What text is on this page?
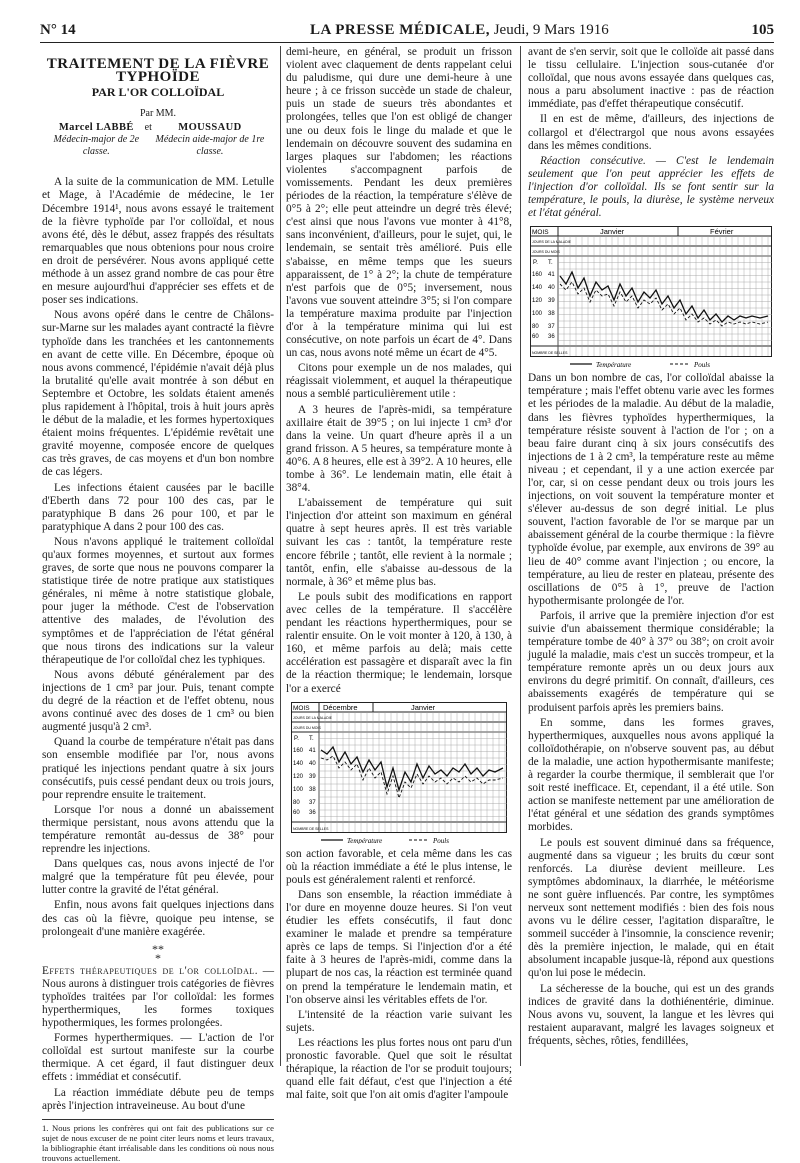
N° 14	LA PRESSE MÉDICALE, Jeudi, 9 Mars 1916	105
TRAITEMENT DE LA FIÈVRE TYPHOÏDE
PAR L'OR COLLOÏDAL
Par MM.
Marcel LABBÉ
Médecin-major de 2e classe.
et	MOUSSAUD
Médecin aide-major de 1re classe.

A la suite de la communication de MM. Letulle et Mage, à l'Académie de médecine, le 1er Décembre 1914¹, nous avons essayé le traitement de la fièvre typhoïde par l'or colloïdal, et nous avons été, dès le début, assez frappés des résultats remarquables que nous obtenions pour nous croire en droit de persévérer. Nous avons appliqué cette méthode à un assez grand nombre de cas pour être en mesure aujourd'hui d'apprécier ses effets et de poser ses indications.

Nous avons opéré dans le centre de Châlons-sur-Marne sur les malades ayant contracté la fièvre typhoïde dans les tranchées et les cantonnements en avant de cette ville. En Décembre, époque où nous avons commencé, l'épidémie n'avait déjà plus la brutalité qu'elle avait montrée à son début en Septembre et Octobre, les soldats étaient amenés plus rapidement à l'hôpital, trois à huit jours après le début de la maladie, et les formes hypertoxiques étaient moins fréquentes. L'épidémie revêtait une gravité moyenne, composée encore de quelques cas très graves, de cas moyens et d'un bon nombre de cas légers.

Les infections étaient causées par le bacille d'Eberth dans 72 pour 100 des cas, par le paratyphique B dans 26 pour 100, et par le paratyphique A dans 2 pour 100 des cas.

Nous n'avons appliqué le traitement colloïdal qu'aux formes moyennes, et surtout aux formes graves, de sorte que nous ne pouvons comparer la statistique tirée de notre pratique aux statistiques générales, ni même à notre statistique globale, pour juger la méthode. C'est de l'observation attentive des malades, de l'évolution des symptômes et de l'appréciation de l'état général que nous tirons des indications sur la valeur thérapeutique de l'or colloïdal chez les typhiques.

Nous avons débuté généralement par des injections de 1 cm³ par jour. Puis, tenant compte du degré de la réaction et de l'effet obtenu, nous avons continué avec des doses de 1 cm³ ou bien augmenté jusqu'à 2 cm³.

Quand la courbe de température n'était pas dans son ensemble modifiée par l'or, nous avons pratiqué les injections pendant quatre à six jours consécutifs, puis cessé pendant deux ou trois jours, pour reprendre ensuite le traitement.

Lorsque l'or nous a donné un abaissement thermique persistant, nous avons attendu que la température remontât au-dessus de 38° pour reprendre les injections.

Dans quelques cas, nous avons injecté de l'or malgré que la température fût peu élevée, pour lutter contre la gravité de l'état général.

Enfin, nous avons fait quelques injections dans des cas où la fièvre, quoique peu intense, se prolongeait d'une manière exagérée.

**
*

Effets thérapeutiques de l'or colloïdal. — Nous aurons à distinguer trois catégories de fièvres typhoïdes traitées par l'or colloïdal: les formes hyperthermiques, les formes toxiques hypothermiques, les formes prolongées.

Formes hyperthermiques. — L'action de l'or colloïdal est surtout manifeste sur la courbe thermique. A cet égard, il faut distinguer deux effets : immédiat et consécutif.

La réaction immédiate débute peu de temps après l'injection intraveineuse. Au bout d'une

1. Nous prions les confrères qui ont fait des publications sur ce sujet de nous excuser de ne point citer leurs noms et leurs travaux, la bibliographie étant irréalisable dans les conditions où nous nous trouvons actuellement.

demi-heure, en général, se produit un frisson violent avec claquement de dents rappelant celui du paludisme, qui dure une demi-heure à une heure ; à ce frisson succède un stade de chaleur, puis un stade de sueurs très abondantes et prolongées, telles que l'on est obligé de changer une ou deux fois le linge du malade et que le lendemain on découvre souvent des sudamina en larges plaques sur l'abdomen; les réactions violentes s'accompagnent parfois de vomissements. Pendant les deux premières périodes de la réaction, la température s'élève de 0°5 à 2°; elle peut atteindre un degré très élevé; c'est ainsi que nous l'avons vue monter à 41°8, sans inconvénient, d'ailleurs, pour le sujet, qui, le lendemain, se sentait très amélioré. Puis elle s'abaisse, en même temps que les sueurs apparaissent, de 1° à 2°; la chute de température n'est parfois que de 0°5; inversement, nous l'avons vue souvent atteindre 3°5; si l'on compare la température maxima produite par l'injection d'or à la température minima qui lui est consécutive, on note parfois un écart de 4°. Dans un cas, nous avons noté même un écart de 4°5.

Citons pour exemple un de nos malades, qui réagissait violemment, et auquel la thérapeutique nous a semblé particulièrement utile :

A 3 heures de l'après-midi, sa température axillaire était de 39°5 ; on lui injecte 1 cm³ d'or dans la veine. Un quart d'heure après il a un grand frisson. A 5 heures, sa température monte à 40°6. A 8 heures, elle est à 39°2. A 10 heures, elle tombe à 36°. Le lendemain matin, elle était à 38°4.

L'abaissement de température qui suit l'injection d'or atteint son maximum en général quatre à sept heures après. Il est très variable suivant les cas : tantôt, la température reste encore fébrile ; tantôt, elle revient à la normale ; tantôt, enfin, elle s'abaisse au-dessous de la normale, à 36° et même plus bas.

Le pouls subit des modifications en rapport avec celles de la température. Il s'accélère pendant les réactions hyperthermiques, pour se ralentir ensuite. On le voit monter à 120, à 130, à 160, et même parfois au delà; mais cette accélération est passagère et disparaît avec la fin de la réaction thermique; le lendemain, lorsque l'or a exercé

MOIS Décembre	Janvier
JOURS DE LA MALADIE
JOURS DU MOIS
NOMBRE DE SELLES
P. T.
160
140
120
100
80
60
41
40
39
38
37
36
Température	Pouls

son action favorable, et cela même dans les cas où la réaction immédiate a été le plus intense, le pouls est généralement ralenti et renforcé.

Dans son ensemble, la réaction immédiate à l'or dure en moyenne douze heures. Si l'on veut étudier les effets consécutifs, il faut donc examiner le malade et prendre sa température après ce laps de temps. Si l'injection d'or a été faite à 3 heures de l'après-midi, comme dans la plupart de nos cas, la réaction est terminée quand on prend la température le lendemain matin, et l'on observe ainsi les véritables effets de l'or.

L'intensité de la réaction varie suivant les sujets.

Les réactions les plus fortes nous ont paru d'un pronostic favorable. Quel que soit le résultat thérapique, la réaction de l'or se produit toujours; quand elle fait défaut, c'est que l'injection a été mal faite, soit que l'on ait omis d'agiter l'ampoule

avant de s'en servir, soit que le colloïde ait passé dans le tissu cellulaire. L'injection sous-cutanée d'or colloïdal, que nous avons essayée dans quelques cas, nous a paru absolument inactive : pas de réaction immédiate, pas d'effet thérapeutique consécutif.

Il en est de même, d'ailleurs, des injections de collargol et d'électrargol que nous avons essayées dans les mêmes conditions.

Réaction consécutive. — C'est le lendemain seulement que l'on peut apprécier les effets de l'injection d'or colloïdal. Ils se font sentir sur la température, le pouls, la diurèse, le système nerveux et l'état général.

MOIS	Janvier	Février
JOURS DE LA MALADIE
JOURS DU MOIS
NOMBRE DE SELLES
P. T.
160
140
120
100
80
60
41
40
39
38
37
36
Température	Pouls

Dans un bon nombre de cas, l'or colloïdal abaisse la température ; mais l'effet obtenu varie avec les formes et les périodes de la maladie. Au début de la maladie, dans les fièvres typhoïdes hyperthermiques, la température résiste souvent à l'action de l'or ; on a beau faire durant cinq à six jours consécutifs des injections de 1 à 2 cm³, la température reste au même niveau ; et cependant, il y a une action exercée par l'or, car, si on cesse pendant deux ou trois jours les injections, on voit souvent la température monter et s'élever au-dessus de son degré initial. Le plus souvent, l'action favorable de l'or se marque par un abaissement général de la courbe thermique : la fièvre typhoïde évolue, par exemple, aux environs de 39° au lieu de 40° comme avant l'injection ; ou encore, la température, au lieu de rester en plateau, présente des oscillations de 0°5 à 1°, preuve de l'action hypothermisante prolongée de l'or.

Parfois, il arrive que la première injection d'or est suivie d'un abaissement thermique considérable; la température tombe de 40° à 37° ou 38°; on croit avoir jugulé la maladie, mais c'est un succès trompeur, et la température remonte après un ou deux jours aux environs du degré primitif. On connaît, d'ailleurs, ces abaissements exagérés de température qui se produisent parfois après les premiers bains.

En somme, dans les formes graves, hyperthermiques, auxquelles nous avons appliqué la colloïdothérapie, on n'observe souvent pas, au début de la maladie, une action hypothermisante manifeste; à regarder la courbe thermique, il semblerait que l'or soit resté inefficace. Et, cependant, il a été utile. Son action se manifeste nettement par une amélioration de l'état général et une sédation des grands symptômes morbides.

Le pouls est souvent diminué dans sa fréquence, augmenté dans sa vigueur ; les bruits du cœur sont renforcés. La diurèse devient meilleure. Les symptômes abdominaux, la diarrhée, le météorisme ne sont guère influencés. Par contre, les symptômes nerveux sont nettement modifiés : bien des fois nous avons vu le délire cesser, l'agitation disparaître, le sommeil succéder à l'insomnie, la conscience revenir; dès la première injection, le malade, qui en était absolument incapable jusque-là, répond aux questions qu'on lui pose le médecin.

La sécheresse de la bouche, qui est un des grands indices de gravité dans la dothiénentérie, diminue. Nous avons vu, souvent, la langue et les lèvres qui restaient auparavant, malgré les lavages soigneux et fréquents, sèches, rôties, fendillées,
